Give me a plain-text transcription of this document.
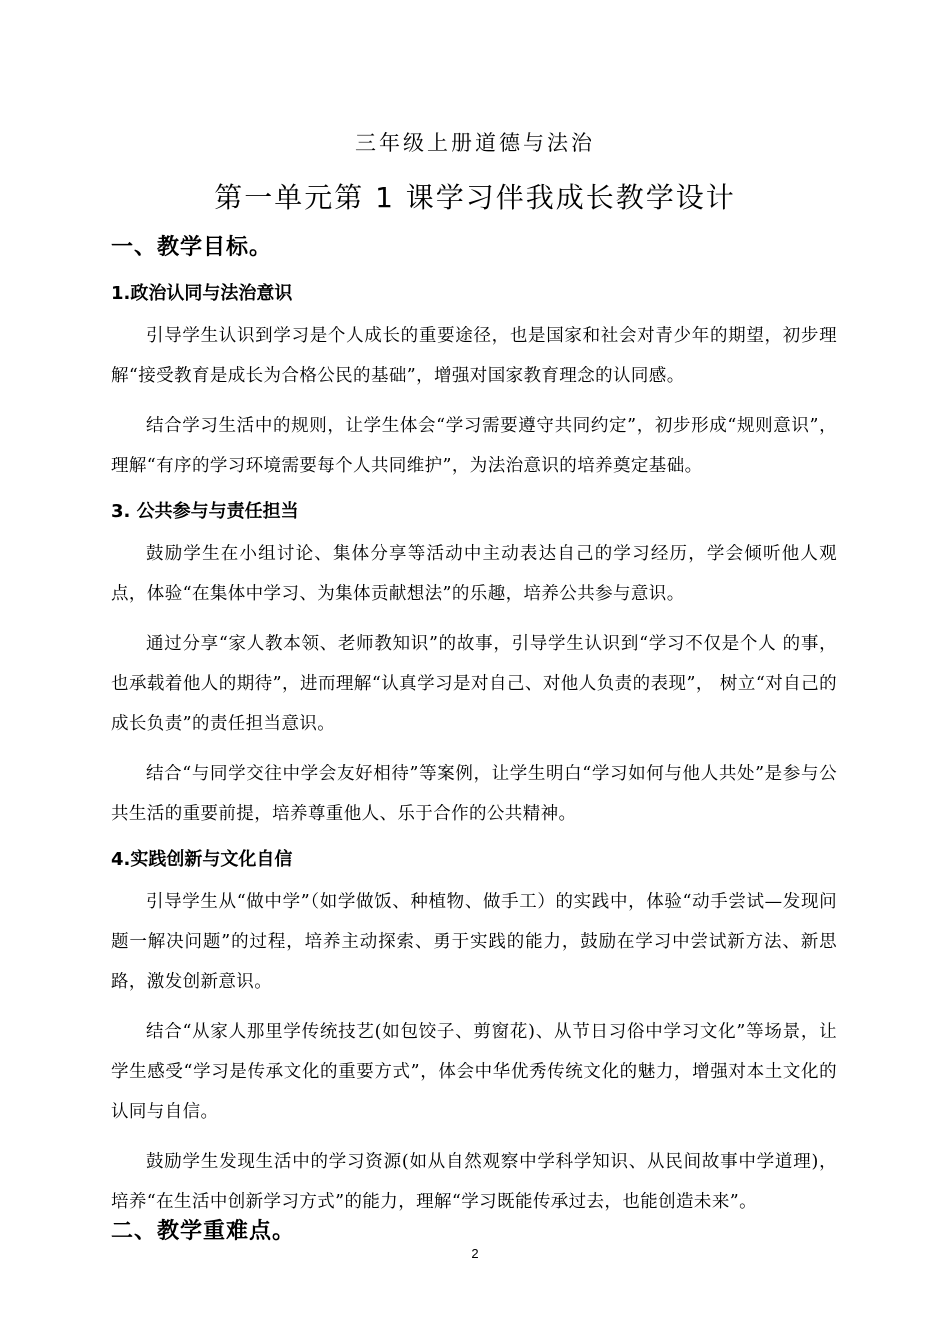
三年级上册道德与法治
第一单元第 1 课学习伴我成长教学设计
一、教学目标。
1.政治认同与法治意识

引导学生认识到学习是个人成长的重要途径，也是国家和社会对青少年的期望，初步理解“接受教育是成长为合格公民的基础”，增强对国家教育理念的认同感。

结合学习生活中的规则，让学生体会“学习需要遵守共同约定”，初步形成“规则意识”，理解“有序的学习环境需要每个人共同维护”，为法治意识的培养奠定基础。

3. 公共参与与责任担当

鼓励学生在小组讨论、集体分享等活动中主动表达自己的学习经历，学会倾听他人观点，体验“在集体中学习、为集体贡献想法”的乐趣，培养公共参与意识。

通过分享“家人教本领、老师教知识”的故事，引导学生认识到“学习不仅是个人 的事，也承载着他人的期待”，进而理解“认真学习是对自己、对他人负责的表现”， 树立“对自己的成长负责”的责任担当意识。

结合“与同学交往中学会友好相待”等案例，让学生明白“学习如何与他人共处”是参与公共生活的重要前提，培养尊重他人、乐于合作的公共精神。

4.实践创新与文化自信

引导学生从“做中学”（如学做饭、种植物、做手工）的实践中，体验“动手尝试—发现问题一解决问题”的过程，培养主动探索、勇于实践的能力，鼓励在学习中尝试新方法、新思路，激发创新意识。

结合“从家人那里学传统技艺(如包饺子、剪窗花)、从节日习俗中学习文化”等场景，让学生感受“学习是传承文化的重要方式”，体会中华优秀传统文化的魅力，增强对本土文化的认同与自信。

鼓励学生发现生活中的学习资源(如从自然观察中学科学知识、从民间故事中学道理)，培养“在生活中创新学习方式”的能力，理解“学习既能传承过去，也能创造未来”。

二、教学重难点。
2
